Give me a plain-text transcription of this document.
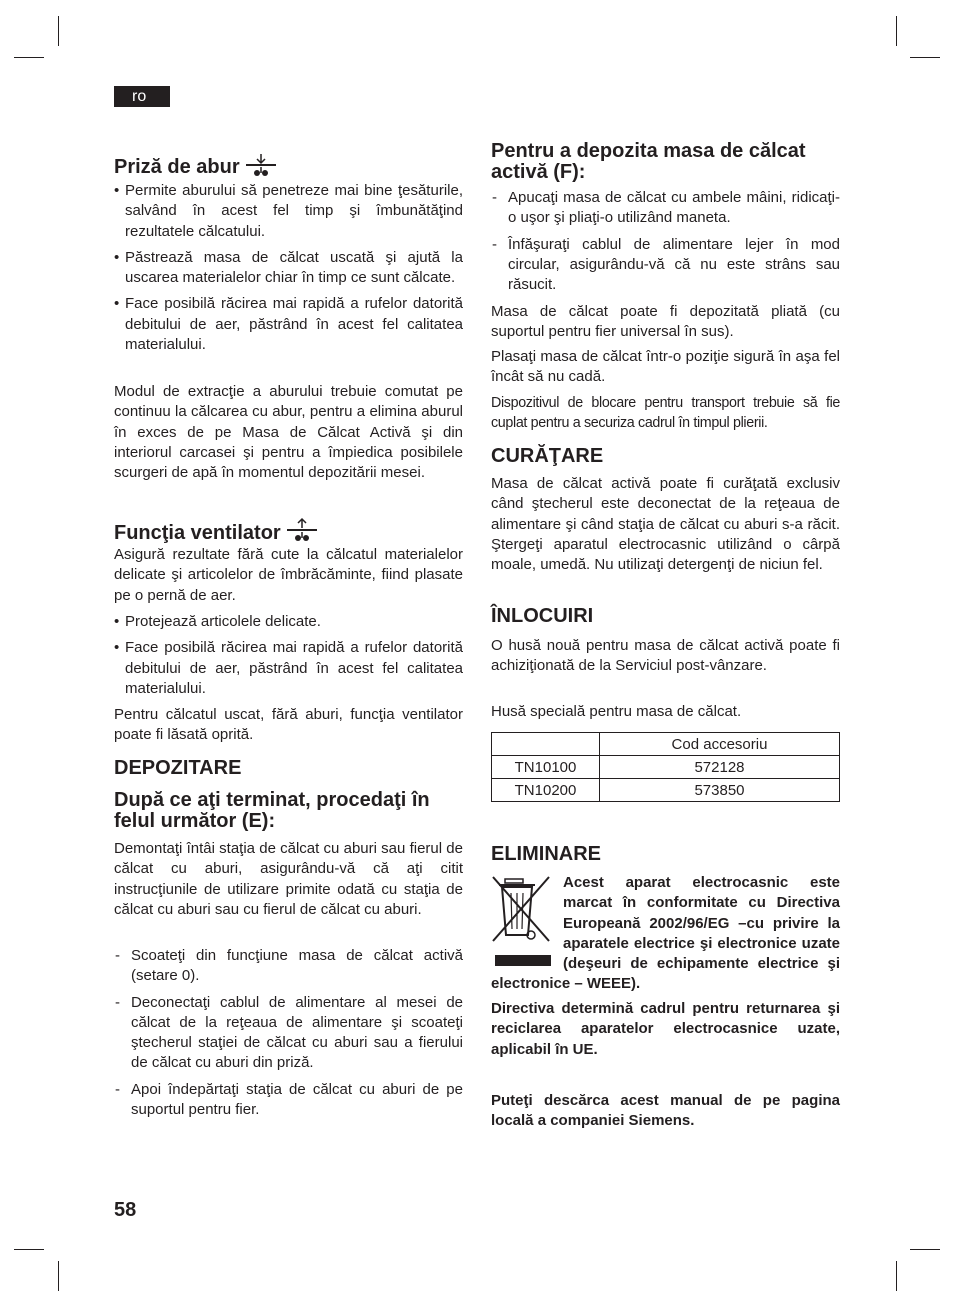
ro
Priză de abur
• Permite aburului să penetreze mai bine ţesăturile, salvând în acest fel timp şi îmbunătăţind rezultatele călcatului.
• Păstrează masa de călcat uscată şi ajută la uscarea materialelor chiar în timp ce sunt călcate.
• Face posibilă răcirea mai rapidă a rufelor datorită debitului de aer, păstrând în acest fel calitatea materialului.

Modul de extracţie a aburului trebuie comutat pe continuu la călcarea cu abur, pentru a elimina aburul în exces de pe Masa de Călcat Activă şi din interiorul carcasei şi pentru a împiedica posibilele scurgeri de apă în momentul depozitării mesei.

Funcţia ventilator

Asigură rezultate fără cute la călcatul materialelor delicate şi articolelor de îmbrăcăminte, fiind plasate pe o pernă de aer.

• Protejează articolele delicate.
• Face posibilă răcirea mai rapidă a rufelor datorită debitului de aer, păstrând în acest fel calitatea materialului.

Pentru călcatul uscat, fără aburi, funcţia ventilator poate fi lăsată oprită.

DEPOZITARE
După ce aţi terminat, procedaţi în felul următor (E):

Demontaţi întâi staţia de călcat cu aburi sau fierul de călcat cu aburi, asigurându-vă că aţi citit instrucţiunile de utilizare primite odată cu staţia de călcat cu aburi sau cu fierul de călcat cu aburi.

- Scoateţi din funcţiune masa de călcat activă (setare 0).
- Deconectaţi cablul de alimentare al mesei de călcat de la reţeaua de alimentare şi scoateţi ştecherul staţiei de călcat cu aburi sau a fierului de călcat cu aburi din priză.
- Apoi îndepărtaţi staţia de călcat cu aburi de pe suportul pentru fier.
Pentru a depozita masa de călcat activă (F):
- Apucaţi masa de călcat cu ambele mâini, ridicaţi-o uşor şi pliaţi-o utilizând maneta.
- Înfăşuraţi cablul de alimentare lejer în mod circular, asigurându-vă că nu este strâns sau răsucit.

Masa de călcat poate fi depozitată pliată (cu suportul pentru fier universal în sus).

Plasaţi masa de călcat într-o poziţie sigură în aşa fel încât să nu cadă.

Dispozitivul de blocare pentru transport trebuie să fie cuplat pentru a securiza cadrul în timpul plierii.

CURĂŢARE

Masa de călcat activă poate fi curăţată exclusiv când ştecherul este deconectat de la reţeaua de alimentare şi când staţia de călcat cu aburi s-a răcit. Ştergeţi aparatul electrocasnic utilizând o cârpă moale, umedă. Nu utilizaţi detergenţi de niciun fel.

ÎNLOCUIRI

O husă nouă pentru masa de călcat activă poate fi achiziţionată de la Serviciul post-vânzare.

Husă specială pentru masa de călcat.

	Cod accesoriu
TN10100	572128
TN10200	573850
ELIMINARE

Acest aparat electrocasnic este marcat în conformitate cu Directiva Europeană 2002/96/EG –cu privire la aparatele electrice şi electronice uzate (deşeuri de echipamente electrice şi electronice – WEEE).

Directiva determină cadrul pentru returnarea şi reciclarea aparatelor electrocasnice uzate, aplicabil în UE.

Puteţi descărca acest manual de pe pagina locală a companiei Siemens.

58
